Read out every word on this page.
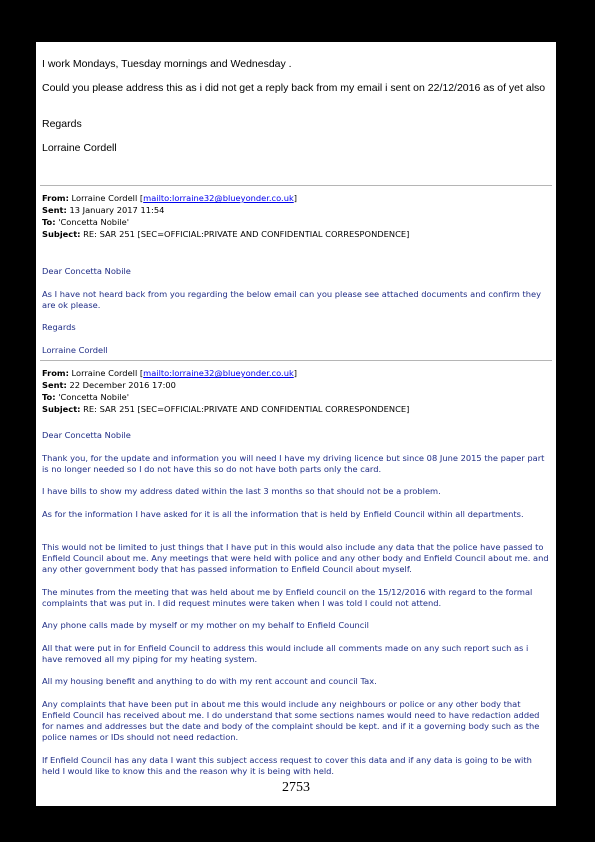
I work Mondays, Tuesday mornings and Wednesday .

Could you please address this as i did not get a reply back from my email i sent on 22/12/2016 as of yet also

Regards

Lorraine Cordell

From: Lorraine Cordell [mailto:lorraine32@blueyonder.co.uk]

Sent: 13 January 2017 11:54

To: 'Concetta Nobile'

Subject: RE: SAR 251 [SEC=OFFICIAL:PRIVATE AND CONFIDENTIAL CORRESPONDENCE]

Dear Concetta Nobile

As I have not heard back from you regarding the below email can you please see attached documents and confirm they are ok please.

Regards

Lorraine Cordell

From: Lorraine Cordell [mailto:lorraine32@blueyonder.co.uk]

Sent: 22 December 2016 17:00

To: 'Concetta Nobile'

Subject: RE: SAR 251 [SEC=OFFICIAL:PRIVATE AND CONFIDENTIAL CORRESPONDENCE]

Dear Concetta Nobile

Thank you, for the update and information you will need I have my driving licence but since 08 June 2015 the paper part is no longer needed so I do not have this so do not have both parts only the card.

I have bills to show my address dated within the last 3 months so that should not be a problem.

As for the information I have asked for it is all the information that is held by Enfield Council within all departments.

This would not be limited to just things that I have put in this would also include any data that the police have passed to Enfield Council about me. Any meetings that were held with police and any other body and Enfield Council about me. and any other government body that has passed information to Enfield Council about myself.

The minutes from the meeting that was held about me by Enfield council on the 15/12/2016 with regard to the formal complaints that was put in. I did request minutes were taken when I was told I could not attend.

Any phone calls made by myself or my mother on my behalf to Enfield Council

All that were put in for Enfield Council to address this would include all comments made on any such report such as i have removed all my piping for my heating system.

All my housing benefit and anything to do with my rent account and council Tax.

Any complaints that have been put in about me this would include any neighbours or police or any other body that Enfield Council has received about me. I do understand that some sections names would need to have redaction added for names and addresses but the date and body of the complaint should be kept. and if it a governing body such as the police names or IDs should not need redaction.

If Enfield Council has any data I want this subject access request to cover this data and if any data is going to be with held I would like to know this and the reason why it is being with held.

2753
